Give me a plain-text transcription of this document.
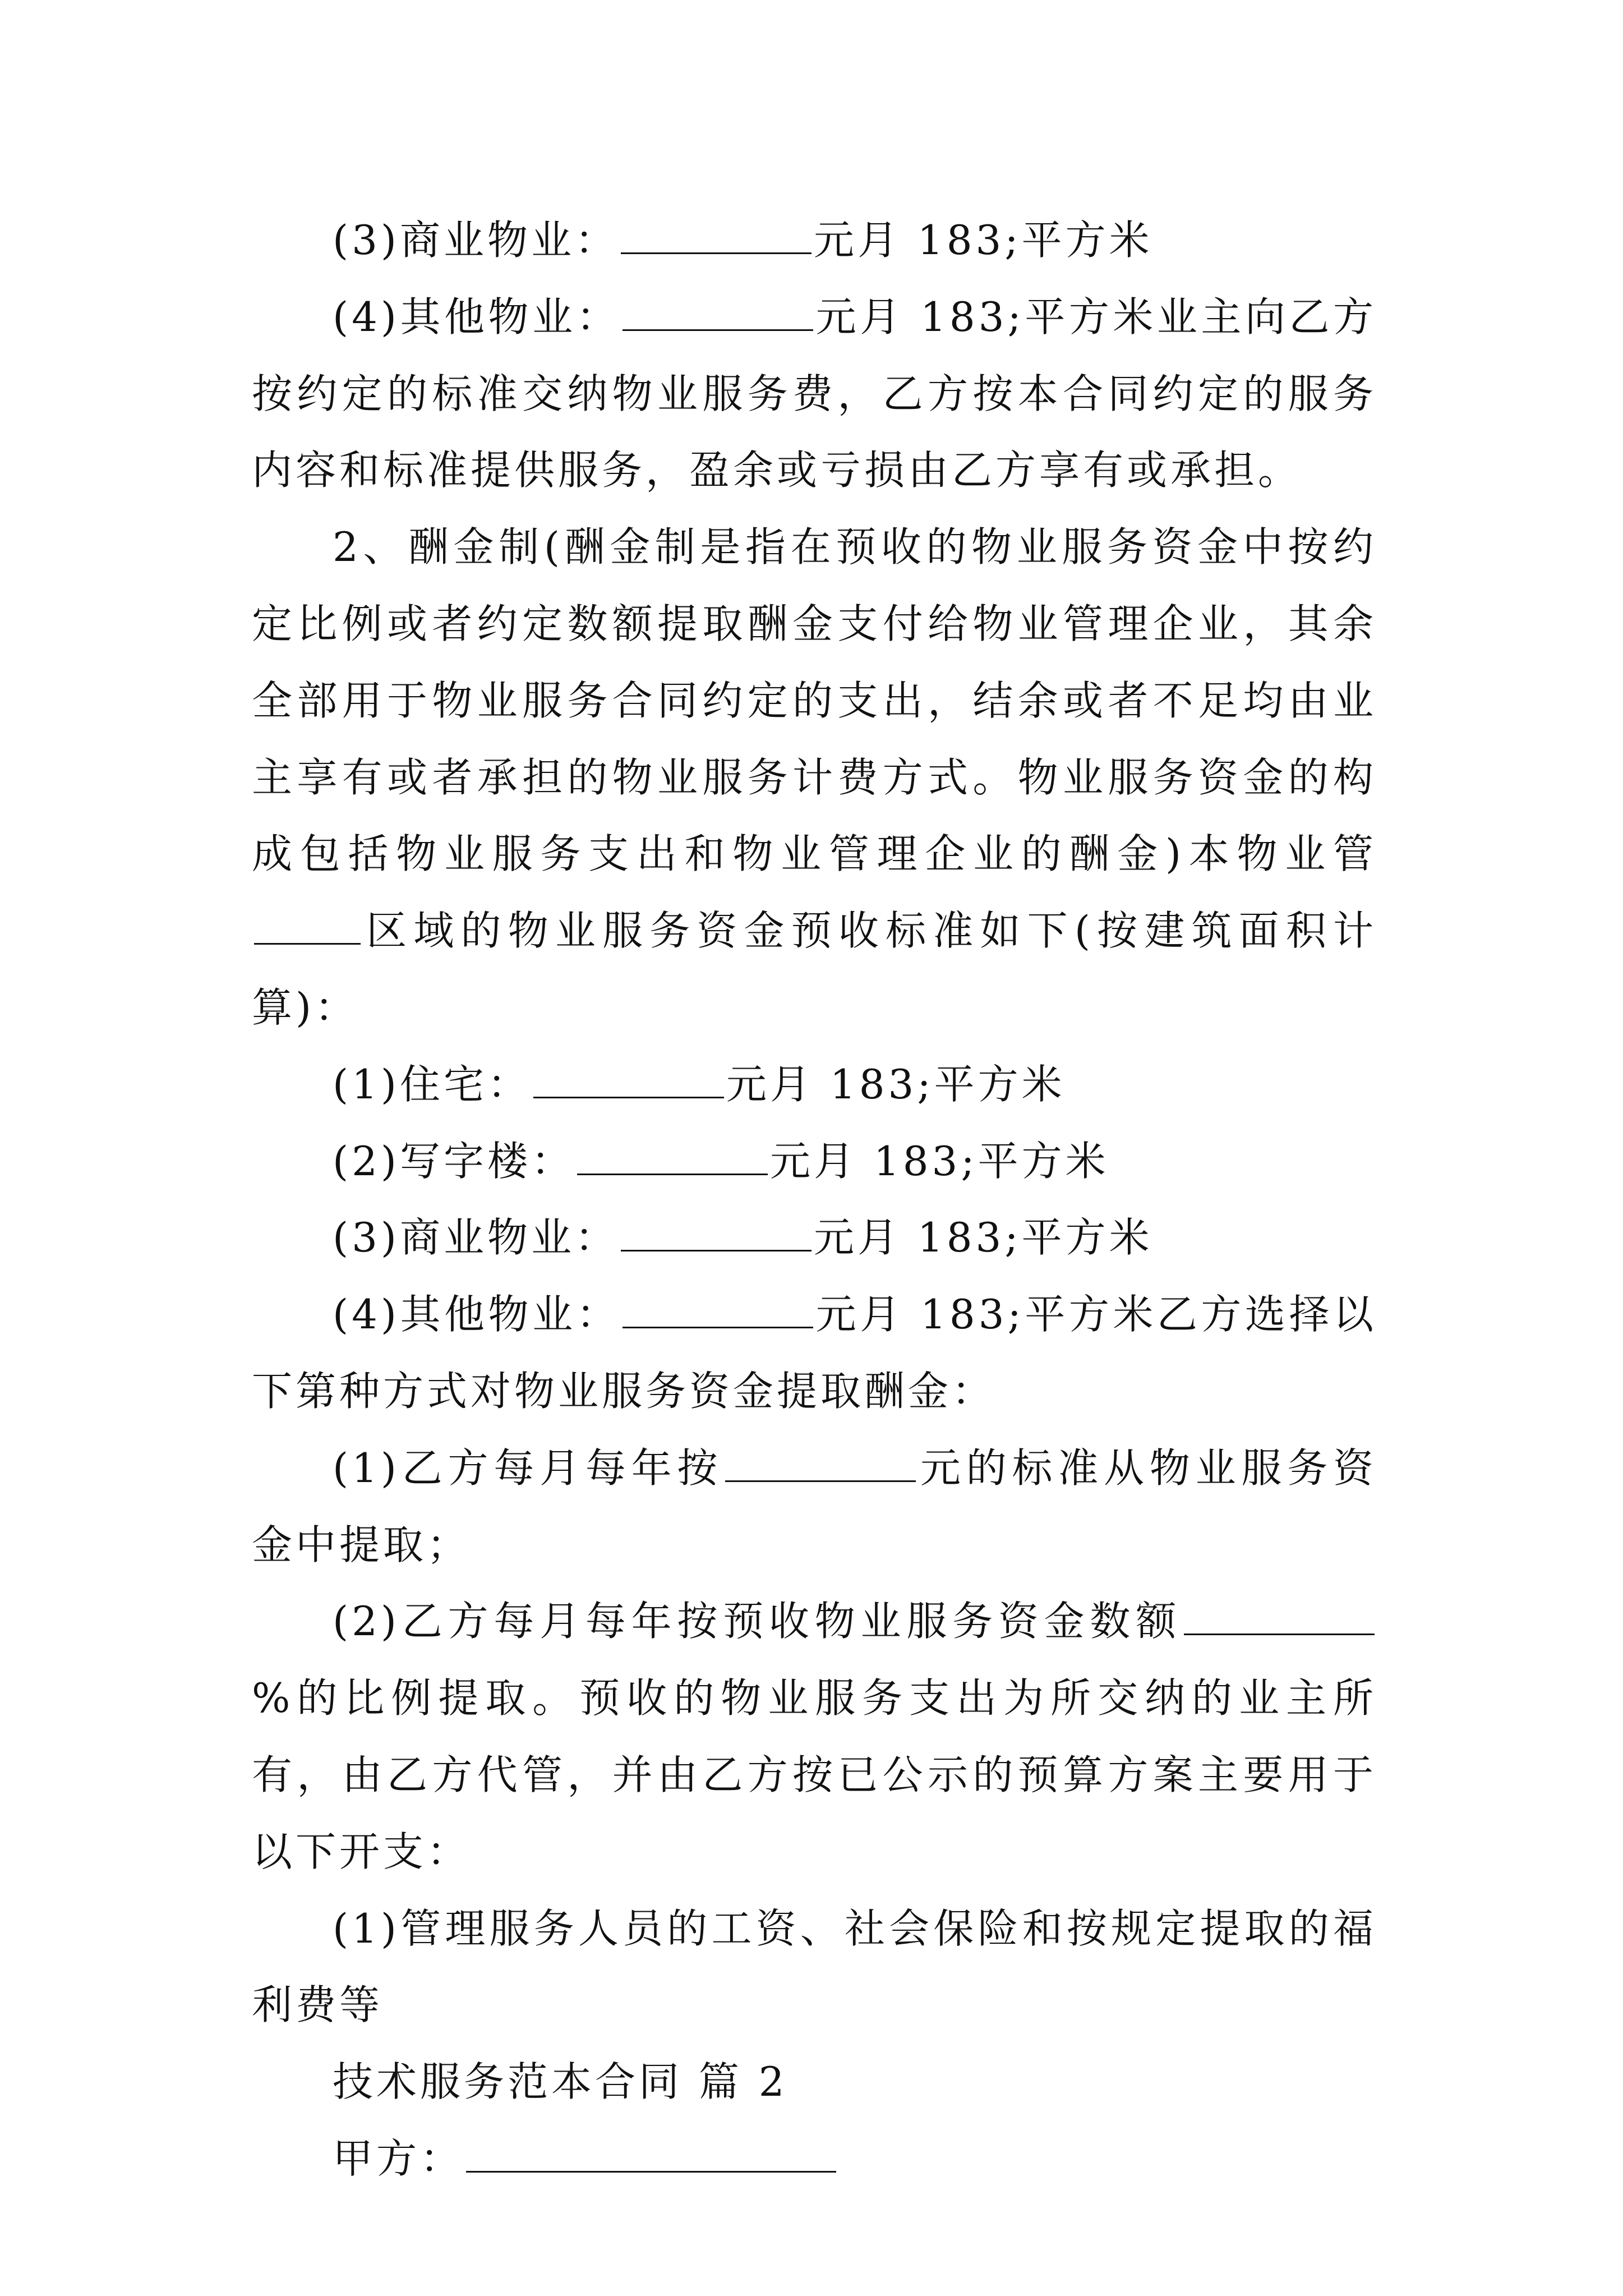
(3)商业物业：	元月 183;平方米

(4)其他物业：	元月 183;平方米业主向乙方按约定的标准交纳物业服务费，乙方按本合同约定的服务内容和标准提供服务，盈余或亏损由乙方享有或承担。

2、酬金制(酬金制是指在预收的物业服务资金中按约定比例或者约定数额提取酬金支付给物业管理企业，其余全部用于物业服务合同约定的支出，结余或者不足均由业主享有或者承担的物业服务计费方式。物业服务资金的构成包括物业服务支出和物业管理企业的酬金)本物业管区域的物业服务资金预收标准如下(按建筑面积计算)：

(1)住宅：	元月 183;平方米

(2)写字楼：	元月 183;平方米

(3)商业物业：	元月 183;平方米

(4)其他物业：	元月 183;平方米乙方选择以下第种方式对物业服务资金提取酬金：

(1)乙方每月每年按	元的标准从物业服务资金中提取；

(2)乙方每月每年按预收物业服务资金数额%的比例提取。预收的物业服务支出为所交纳的业主所有，由乙方代管，并由乙方按已公示的预算方案主要用于以下开支：

(1)管理服务人员的工资、社会保险和按规定提取的福利费等

技术服务范本合同 篇 2

甲方：
